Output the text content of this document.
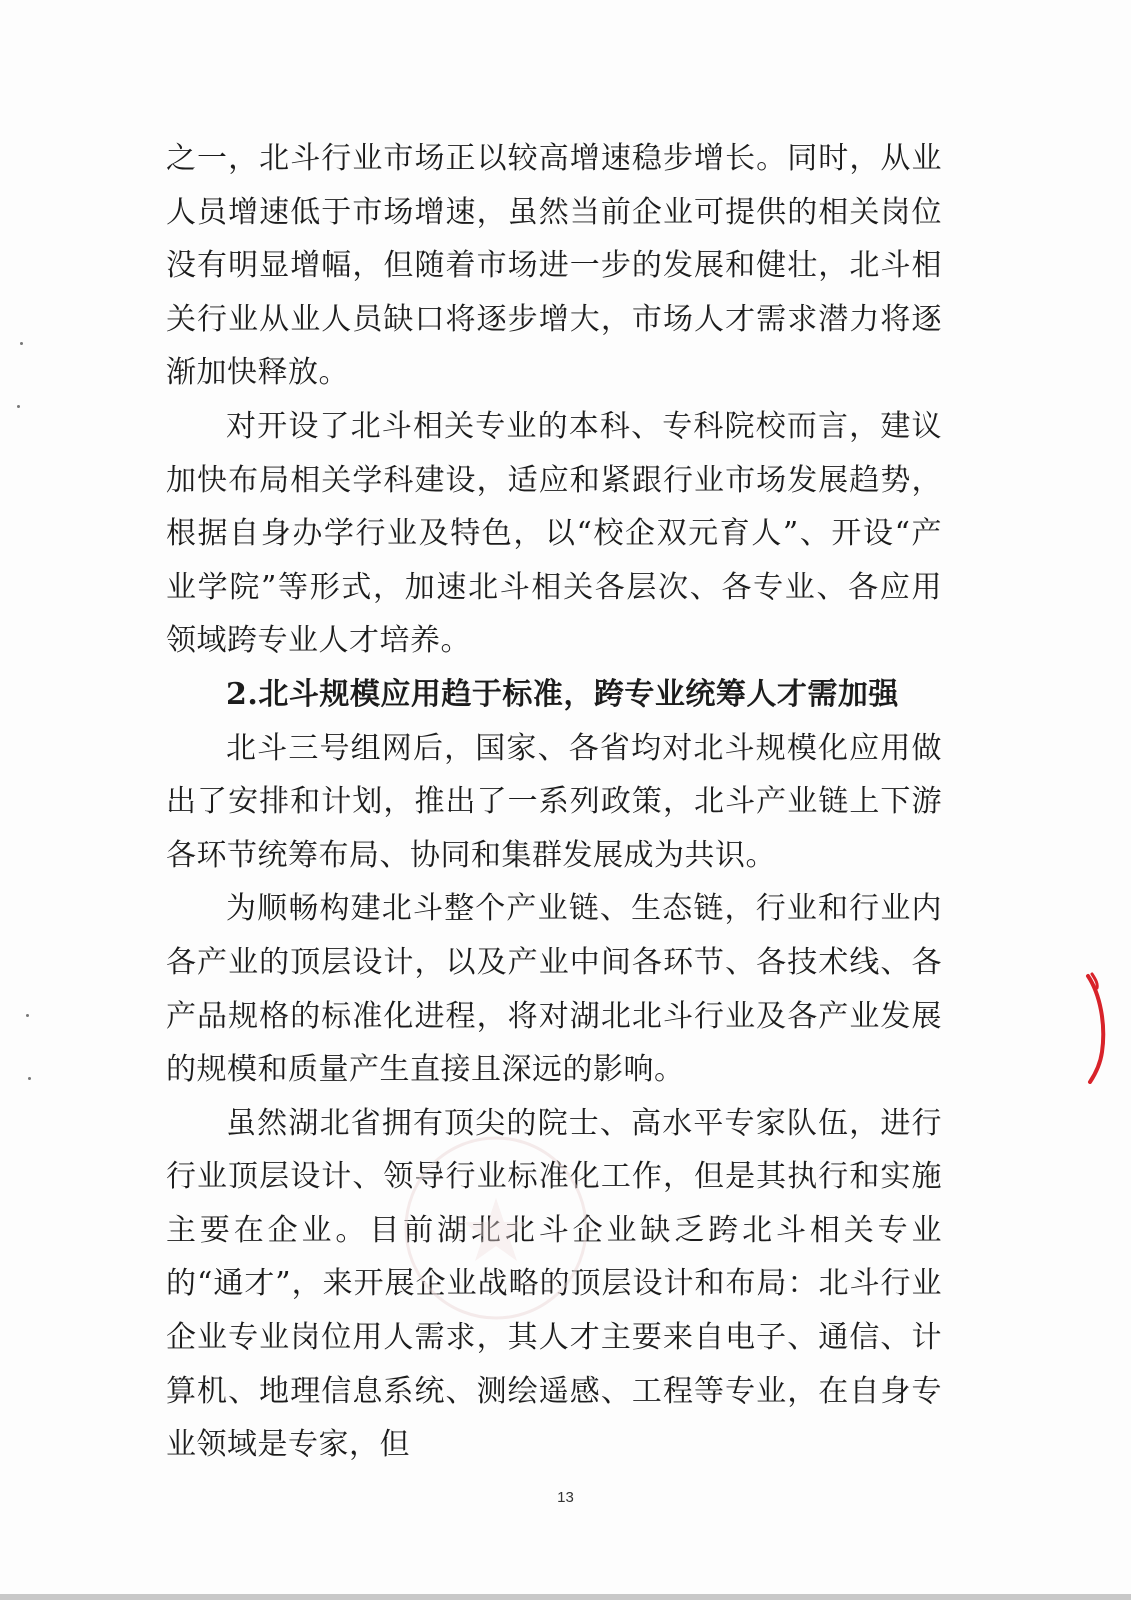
之一，北斗行业市场正以较高增速稳步增长。同时，从业人员增速低于市场增速，虽然当前企业可提供的相关岗位没有明显增幅，但随着市场进一步的发展和健壮，北斗相关行业从业人员缺口将逐步增大，市场人才需求潜力将逐渐加快释放。

对开设了北斗相关专业的本科、专科院校而言，建议加快布局相关学科建设，适应和紧跟行业市场发展趋势，根据自身办学行业及特色，以“校企双元育人”、开设“产业学院”等形式，加速北斗相关各层次、各专业、各应用领域跨专业人才培养。

2.北斗规模应用趋于标准，跨专业统筹人才需加强

北斗三号组网后，国家、各省均对北斗规模化应用做出了安排和计划，推出了一系列政策，北斗产业链上下游各环节统筹布局、协同和集群发展成为共识。

为顺畅构建北斗整个产业链、生态链，行业和行业内各产业的顶层设计，以及产业中间各环节、各技术线、各产品规格的标准化进程，将对湖北北斗行业及各产业发展的规模和质量产生直接且深远的影响。

虽然湖北省拥有顶尖的院士、高水平专家队伍，进行行业顶层设计、领导行业标准化工作，但是其执行和实施主要在企业。目前湖北北斗企业缺乏跨北斗相关专业的“通才”，来开展企业战略的顶层设计和布局：北斗行业企业专业岗位用人需求，其人才主要来自电子、通信、计算机、地理信息系统、测绘遥感、工程等专业，在自身专业领域是专家，但

13
